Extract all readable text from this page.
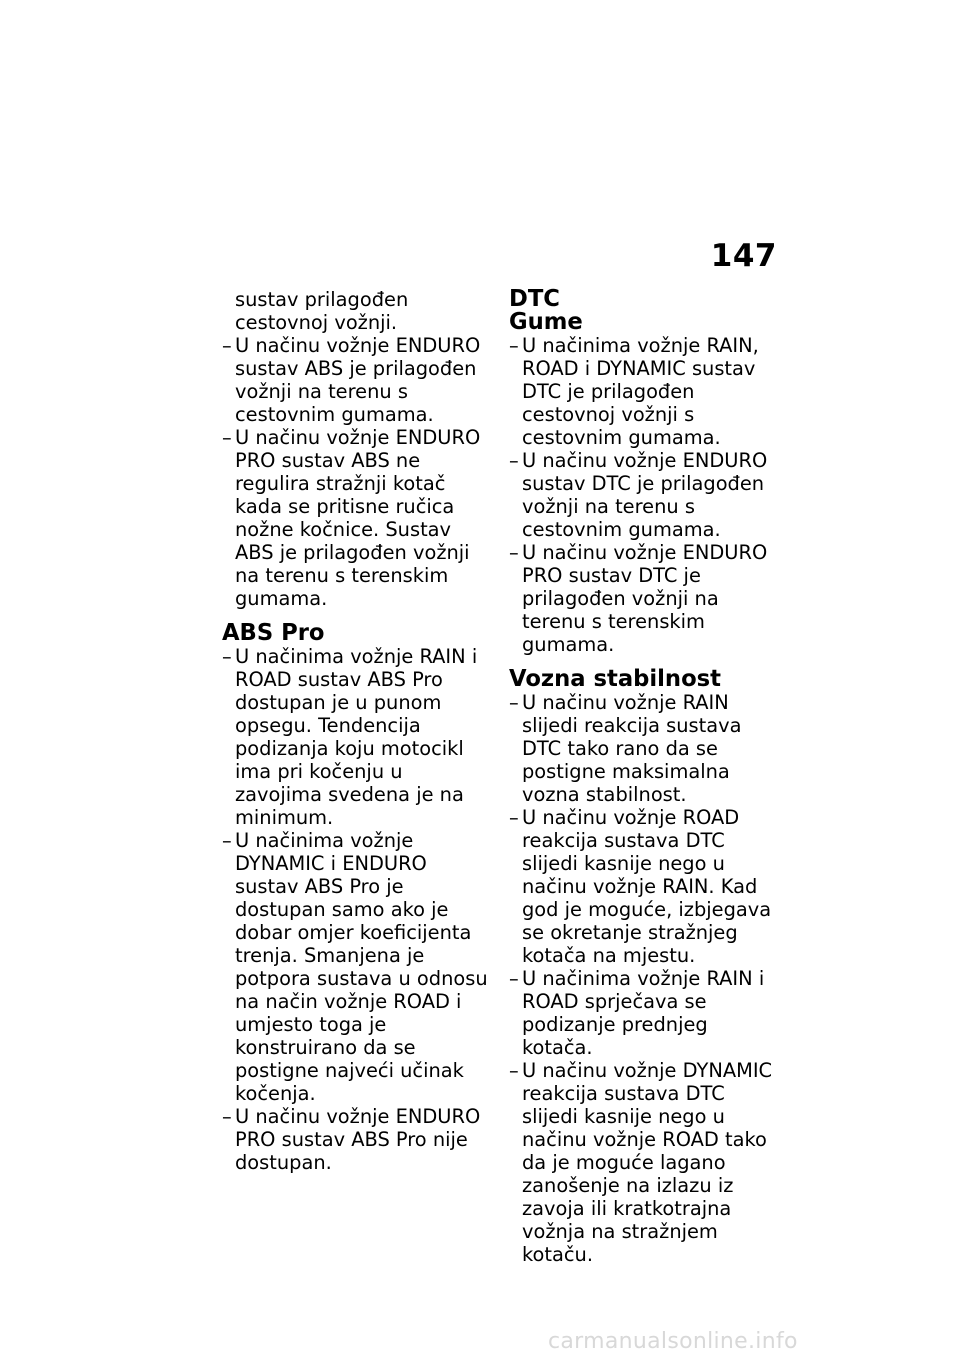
147

sustav prilagođen cestovnoj vožnji.

– U načinu vožnje ENDURO sustav ABS je prilagođen vožnji na terenu s cestovnim gumama.
– U načinu vožnje ENDURO PRO sustav ABS ne regulira stražnji kotač kada se pritisne ručica nožne kočnice. Sustav ABS je prilagođen vožnji na terenu s terenskim gumama.
ABS Pro
– U načinima vožnje RAIN i ROAD sustav ABS Pro dostupan je u punom opsegu. Tendencija podizanja koju motocikl ima pri kočenju u zavojima svedena je na minimum.
– U načinima vožnje DYNAMIC i ENDURO sustav ABS Pro je dostupan samo ako je dobar omjer koeficijenta trenja. Smanjena je potpora sustava u odnosu na način vožnje ROAD i umjesto toga je konstruirano da se postigne najveći učinak kočenja.
– U načinu vožnje ENDURO PRO sustav ABS Pro nije dostupan.
DTC
Gume
– U načinima vožnje RAIN, ROAD i DYNAMIC sustav DTC je prilagođen cestovnoj vožnji s cestovnim gumama.
– U načinu vožnje ENDURO sustav DTC je prilagođen vožnji na terenu s cestovnim gumama.
– U načinu vožnje ENDURO PRO sustav DTC je prilagođen vožnji na terenu s terenskim gumama.
Vozna stabilnost
– U načinu vožnje RAIN slijedi reakcija sustava DTC tako rano da se postigne maksimalna vozna stabilnost.
– U načinu vožnje ROAD reakcija sustava DTC slijedi kasnije nego u načinu vožnje RAIN. Kad god je moguće, izbjegava se okretanje stražnjeg kotača na mjestu.
– U načinima vožnje RAIN i ROAD sprječava se podizanje prednjeg kotača.
– U načinu vožnje DYNAMIC reakcija sustava DTC slijedi kasnije nego u načinu vožnje ROAD tako da je moguće lagano zanošenje na izlazu iz zavoja ili kratkotrajna vožnja na stražnjem kotaču.
carmanualsonline.info
